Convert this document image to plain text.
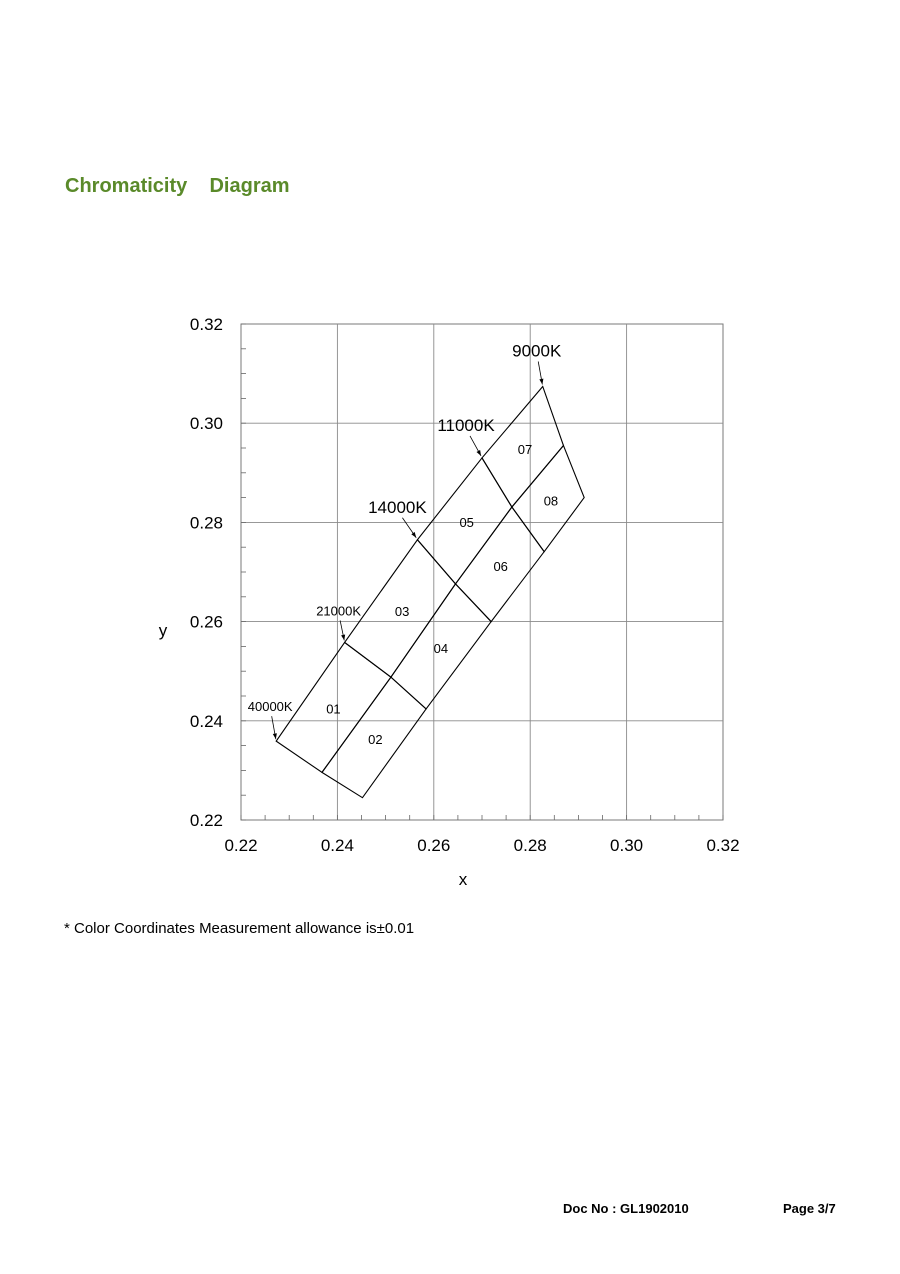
Chromaticity    Diagram
0.22	0.24	0.26	0.28	0.30	0.32
0.22
0.24
0.26
0.28
0.30
0.32
01
02
03
04
05
06
07
08
40000K
21000K
14000K
11000K
9000K
x
y
* Color Coordinates Measurement allowance is±0.01
Doc No : GL1902010	Page 3/7
